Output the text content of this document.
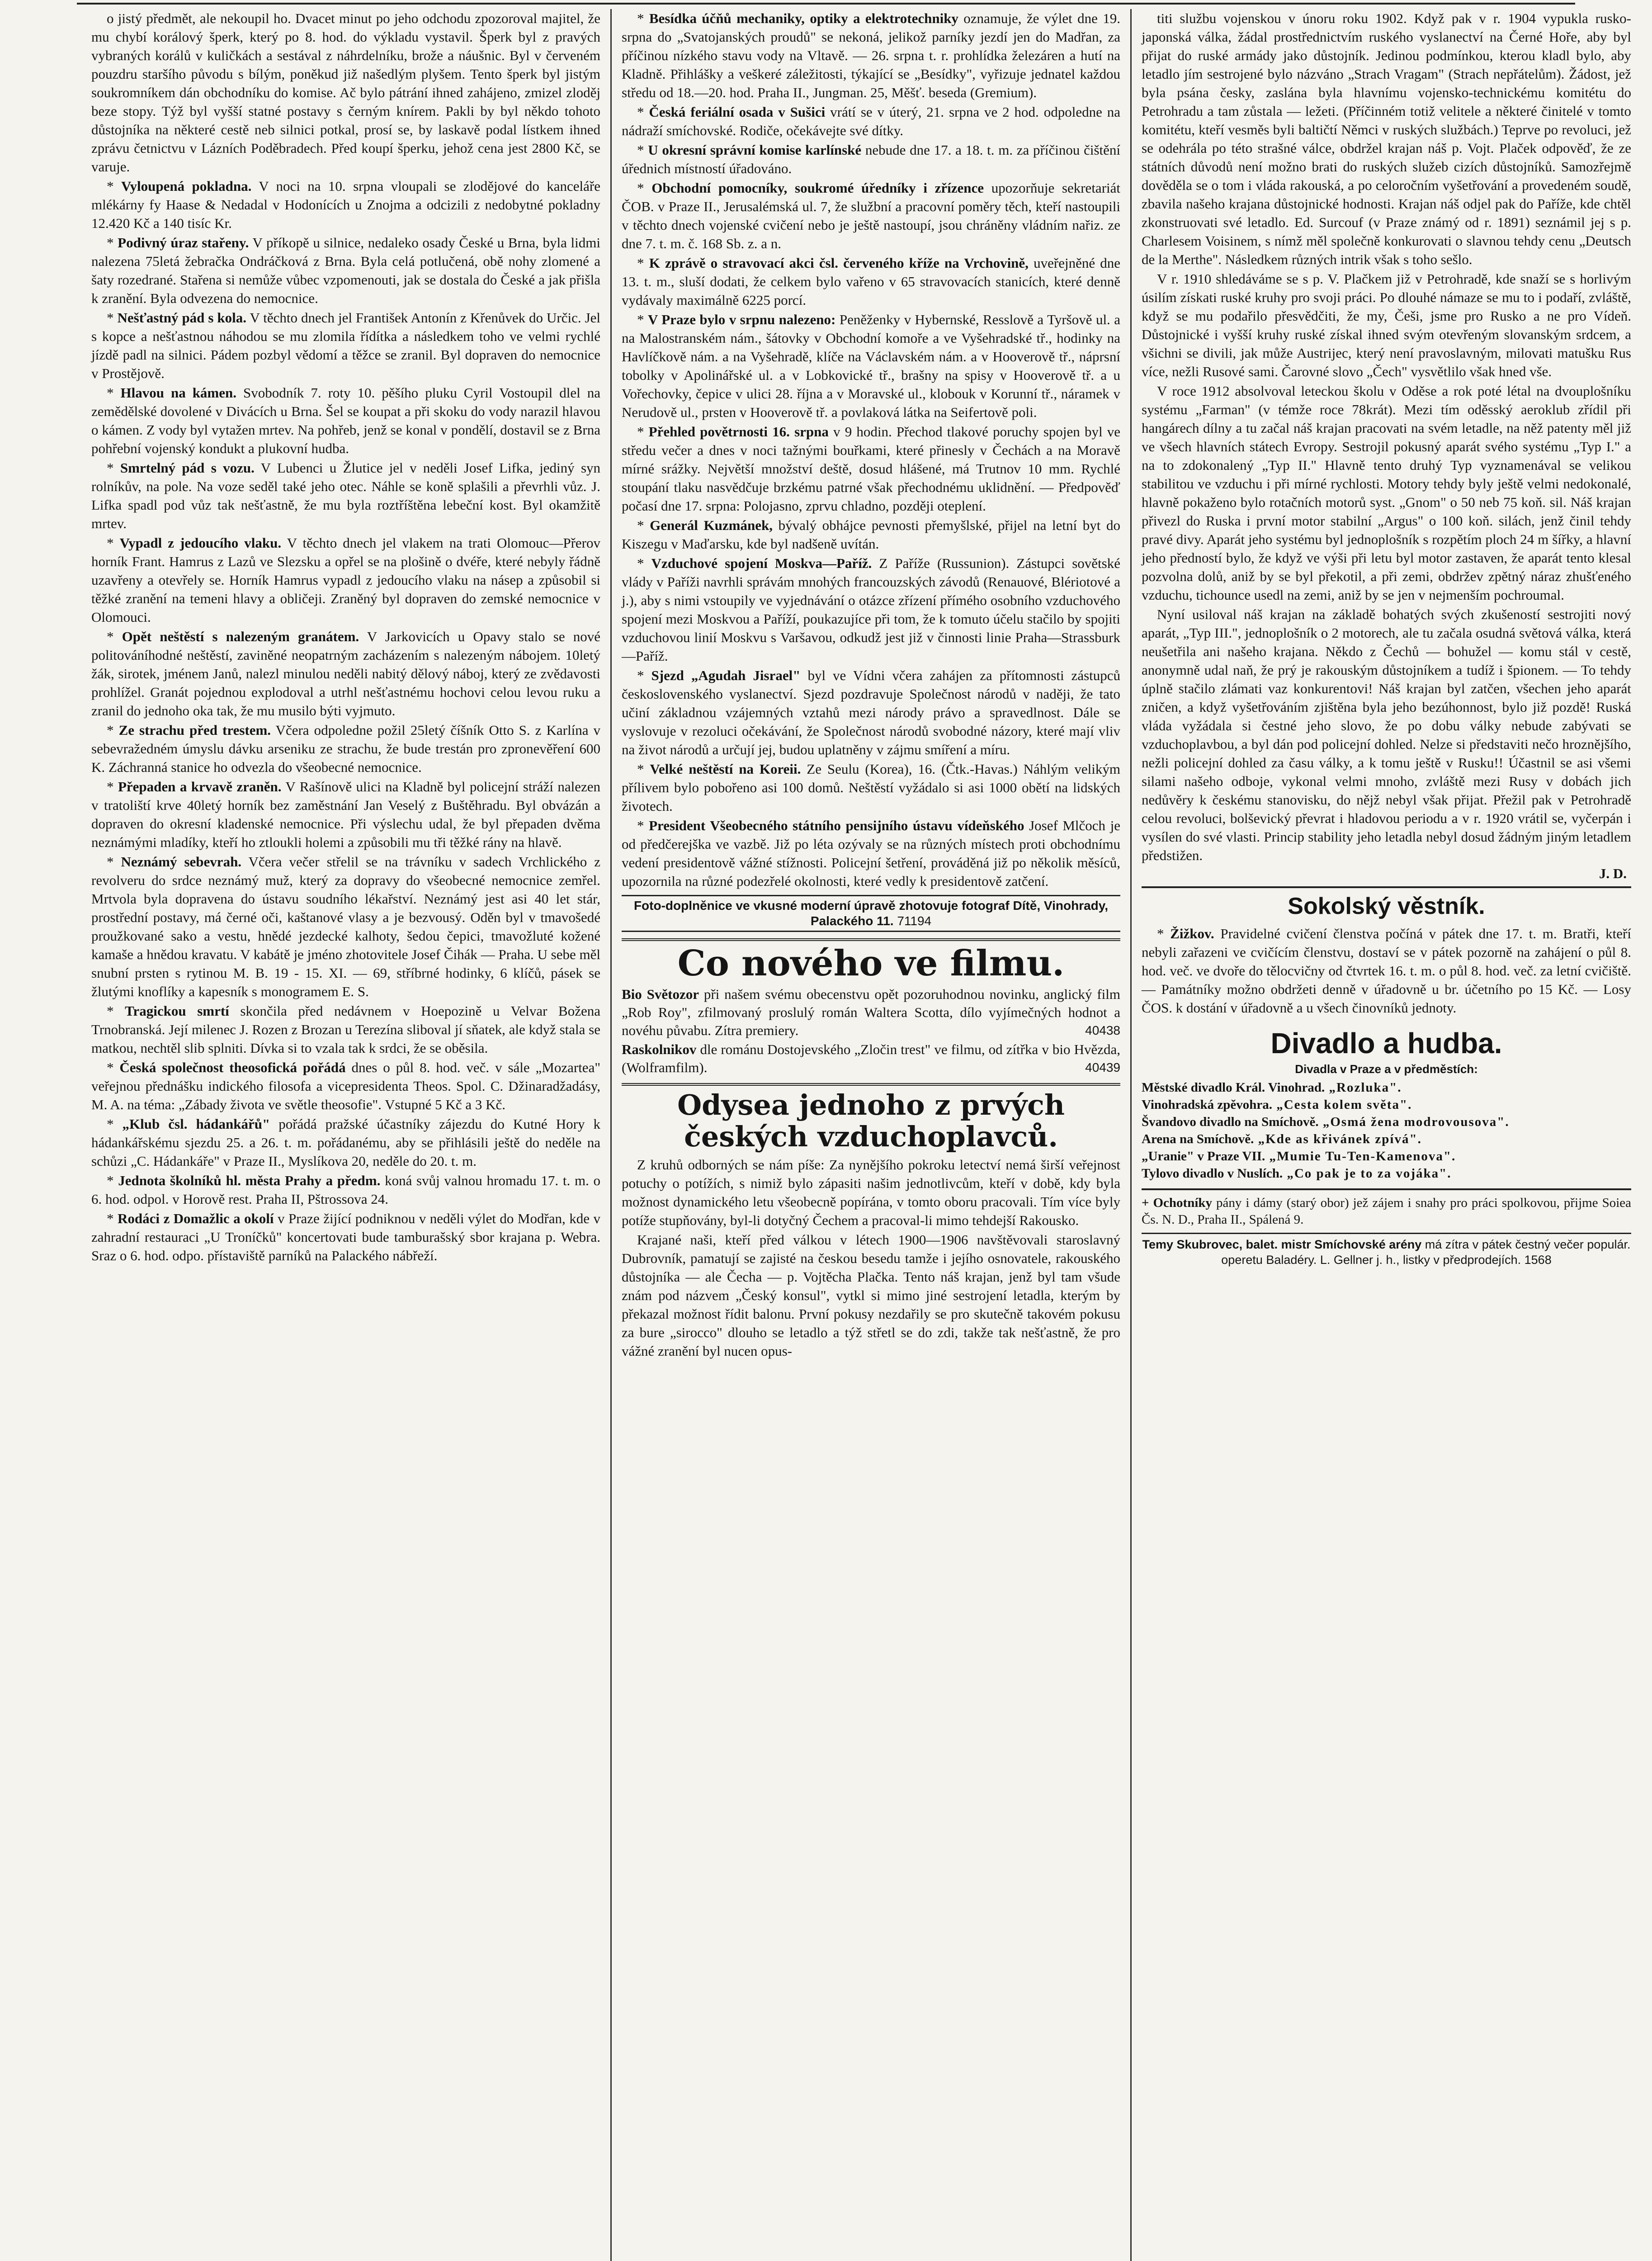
o jistý předmět, ale nekoupil ho. Dvacet minut po jeho odchodu zpozoroval majitel, že mu chybí korálový šperk, který po 8. hod. do výkladu vystavil. Šperk byl z pravých vybraných korálů v kuličkách a sestával z náhrdelníku, brože a náušnic. Byl v červeném pouzdru staršího původu s bílým, poněkud již našedlým plyšem. Tento šperk byl jistým soukromníkem dán obchodníku do komise. Ač bylo pátrání ihned zahájeno, zmizel zloděj beze stopy. Týž byl vyšší statné postavy s černým knírem. Pakli by byl někdo tohoto důstojníka na některé cestě neb silnici potkal, prosí se, by laskavě podal lístkem ihned zprávu četnictvu v Lázních Poděbradech. Před koupí šperku, jehož cena jest 2800 Kč, se varuje.

* Vyloupená pokladna. V noci na 10. srpna vloupali se zlodějové do kanceláře mlékárny fy Haase & Nedadal v Hodonících u Znojma a odcizili z nedobytné pokladny 12.420 Kč a 140 tisíc Kr.

* Podivný úraz stařeny. V příkopě u silnice, nedaleko osady České u Brna, byla lidmi nalezena 75letá žebračka Ondráčková z Brna. Byla celá potlučená, obě nohy zlomené a šaty rozedrané. Stařena si nemůže vůbec vzpomenouti, jak se dostala do České a jak přišla k zranění. Byla odvezena do nemocnice.

* Nešťastný pád s kola. V těchto dnech jel František Antonín z Křenůvek do Určic. Jel s kopce a nešťastnou náhodou se mu zlomila řídítka a následkem toho ve velmi rychlé jízdě padl na silnici. Pádem pozbyl vědomí a těžce se zranil. Byl dopraven do nemocnice v Prostějově.

* Hlavou na kámen. Svobodník 7. roty 10. pěšího pluku Cyril Vostoupil dlel na zemědělské dovolené v Divácích u Brna. Šel se koupat a při skoku do vody narazil hlavou o kámen. Z vody byl vytažen mrtev. Na pohřeb, jenž se konal v pondělí, dostavil se z Brna pohřební vojenský kondukt a plukovní hudba.

* Smrtelný pád s vozu. V Lubenci u Žlutice jel v neděli Josef Lifka, jediný syn rolníkův, na pole. Na voze seděl také jeho otec. Náhle se koně splašili a převrhli vůz. J. Lifka spadl pod vůz tak nešťastně, že mu byla roztříštěna lebeční kost. Byl okamžitě mrtev.

* Vypadl z jedoucího vlaku. V těchto dnech jel vlakem na trati Olomouc—Přerov horník Frant. Hamrus z Lazů ve Slezsku a opřel se na plošině o dvéře, které nebyly řádně uzavřeny a otevřely se. Horník Hamrus vypadl z jedoucího vlaku na násep a způsobil si těžké zranění na temeni hlavy a obličeji. Zraněný byl dopraven do zemské nemocnice v Olomouci.

* Opět neštěstí s nalezeným granátem. V Jarkovicích u Opavy stalo se nové politováníhodné neštěstí, zaviněné neopatrným zacházením s nalezeným nábojem. 10letý žák, sirotek, jménem Janů, nalezl minulou neděli nabitý dělový náboj, který ze zvědavosti prohlížel. Granát pojednou explodoval a utrhl nešťastnému hochovi celou levou ruku a zranil do jednoho oka tak, že mu musilo býti vyjmuto.

* Ze strachu před trestem. Včera odpoledne požil 25letý číšník Otto S. z Karlína v sebevražedném úmyslu dávku arseniku ze strachu, že bude trestán pro zpronevěření 600 K. Záchranná stanice ho odvezla do všeobecné nemocnice.

* Přepaden a krvavě zraněn. V Rašínově ulici na Kladně byl policejní stráží nalezen v tratoliští krve 40letý horník bez zaměstnání Jan Veselý z Buštěhradu. Byl obvázán a dopraven do okresní kladenské nemocnice. Při výslechu udal, že byl přepaden dvěma neznámými mladíky, kteří ho ztloukli holemi a způsobili mu tři těžké rány na hlavě.

* Neznámý sebevrah. Včera večer střelil se na trávníku v sadech Vrchlického z revolveru do srdce neznámý muž, který za dopravy do všeobecné nemocnice zemřel. Mrtvola byla dopravena do ústavu soudního lékařství. Neznámý jest asi 40 let stár, prostřední postavy, má černé oči, kaštanové vlasy a je bezvousý. Oděn byl v tmavošedé proužkované sako a vestu, hnědé jezdecké kalhoty, šedou čepici, tmavožluté kožené kamaše a hnědou kravatu. V kabátě je jméno zhotovitele Josef Čihák — Praha. U sebe měl snubní prsten s rytinou M. B. 19 - 15. XI. — 69, stříbrné hodinky, 6 klíčů, pásek se žlutými knoflíky a kapesník s monogramem E. S.

* Tragickou smrtí skončila před nedávnem v Hoepozině u Velvar Božena Trnobranská. Její milenec J. Rozen z Brozan u Terezína sliboval jí sňatek, ale když stala se matkou, nechtěl slib splniti. Dívka si to vzala tak k srdci, že se oběsila.

* Česká společnost theosofická pořádá dnes o půl 8. hod. več. v sále „Mozartea" veřejnou přednášku indického filosofa a vicepresidenta Theos. Spol. C. Džinaradžadásy, M. A. na téma: „Zábady života ve světle theosofie". Vstupné 5 Kč a 3 Kč.

* „Klub čsl. hádankářů" pořádá pražské účastníky zájezdu do Kutné Hory k hádankářskému sjezdu 25. a 26. t. m. pořádanému, aby se přihlásili ještě do neděle na schůzi „C. Hádankáře" v Praze II., Myslíkova 20, neděle do 20. t. m.

* Jednota školníků hl. města Prahy a předm. koná svůj valnou hromadu 17. t. m. o 6. hod. odpol. v Horově rest. Praha II, Pštrossova 24.

* Rodáci z Domažlic a okolí v Praze žijící podniknou v neděli výlet do Modřan, kde v zahradní restauraci „U Troníčků" koncertovati bude tamburašský sbor krajana p. Webra. Sraz o 6. hod. odpo. přístaviště parníků na Palackého nábřeží.

* Besídka účňů mechaniky, optiky a elektrotechniky oznamuje, že výlet dne 19. srpna do „Svatojanských proudů" se nekoná, jelikož parníky jezdí jen do Madřan, za příčinou nízkého stavu vody na Vltavě. — 26. srpna t. r. prohlídka železáren a hutí na Kladně. Přihlášky a veškeré záležitosti, týkající se „Besídky", vyřizuje jednatel každou středu od 18.—20. hod. Praha II., Jungman. 25, Měšť. beseda (Gremium).

* Česká feriální osada v Sušici vrátí se v úterý, 21. srpna ve 2 hod. odpoledne na nádraží smíchovské. Rodiče, očekávejte své dítky.

* U okresní správní komise karlínské nebude dne 17. a 18. t. m. za příčinou čištění úřednich místností úřadováno.

* Obchodní pomocníky, soukromé úředníky i zřízence upozorňuje sekretariát ČOB. v Praze II., Jerusalémská ul. 7, že službní a pracovní poměry těch, kteří nastoupili v těchto dnech vojenské cvičení nebo je ještě nastoupí, jsou chráněny vládním nařiz. ze dne 7. t. m. č. 168 Sb. z. a n.

* K zprávě o stravovací akci čsl. červeného kříže na Vrchovině, uveřejněné dne 13. t. m., sluší dodati, že celkem bylo vařeno v 65 stravovacích stanicích, které denně vydávaly maximálně 6225 porcí.

* V Praze bylo v srpnu nalezeno: Peněženky v Hybernské, Resslově a Tyršově ul. a na Malostranském nám., šátovky v Obchodní komoře a ve Vyšehradské tř., hodinky na Havlíčkově nám. a na Vyšehradě, klíče na Václavském nám. a v Hooverově tř., náprsní tobolky v Apolinářské ul. a v Lobkovické tř., brašny na spisy v Hooverově tř. a u Vořechovky, čepice v ulici 28. října a v Moravské ul., klobouk v Korunní tř., náramek v Nerudově ul., prsten v Hooverově tř. a povlaková látka na Seifertově poli.

* Přehled povětrnosti 16. srpna v 9 hodin. Přechod tlakové poruchy spojen byl ve středu večer a dnes v noci tažnými bouřkami, které přinesly v Čechách a na Moravě mírné srážky. Největší množství deště, dosud hlášené, má Trutnov 10 mm. Rychlé stoupání tlaku nasvědčuje brzkému patrné však přechodnému uklidnění. — Předpověď počasí dne 17. srpna: Polojasno, zprvu chladno, později oteplení.

* Generál Kuzmánek, bývalý obhájce pevnosti přemyšlské, přijel na letní byt do Kiszegu v Maďarsku, kde byl nadšeně uvítán.

* Vzduchové spojení Moskva—Paříž. Z Paříže (Russunion). Zástupci sovětské vlády v Paříži navrhli správám mnohých francouzských závodů (Renauové, Blériotové a j.), aby s nimi vstoupily ve vyjednávání o otázce zřízení přímého osobního vzduchového spojení mezi Moskvou a Paříží, poukazujíce při tom, že k tomuto účelu stačilo by spojiti vzduchovou linií Moskvu s Varšavou, odkudž jest již v činnosti linie Praha—Strassburk—Paříž.

* Sjezd „Agudah Jisrael" byl ve Vídni včera zahájen za přítomnosti zástupců československého vyslanectví. Sjezd pozdravuje Společnost národů v naději, že tato učiní základnou vzájemných vztahů mezi národy právo a spravedlnost. Dále se vyslovuje v rezoluci očekávání, že Společnost národů svobodné názory, které mají vliv na život národů a určují jej, budou uplatněny v zájmu smíření a míru.

* Velké neštěstí na Koreii. Ze Seulu (Korea), 16. (Čtk.-Havas.) Náhlým velikým přílivem bylo pobořeno asi 100 domů. Neštěstí vyžádalo si asi 1000 obětí na lidských životech.

* President Všeobecného státního pensijního ústavu vídeňského Josef Mlčoch je od předčerejška ve vazbě. Již po léta ozývaly se na různých místech proti obchodnímu vedení presidentově vážné stížnosti. Policejní šetření, prováděná již po několik měsíců, upozornila na různé podezřelé okolnosti, které vedly k presidentově zatčení.

Foto-doplněnice ve vkusné moderní úpravě zhotovuje fotograf Dítě, Vinohrady, Palackého 11. 71194
Co nového ve filmu.

Bio Světozor při našem svému obecenstvu opět pozoruhodnou novinku, anglický film „Rob Roy", zfilmovaný proslulý román Waltera Scotta, dílo vyjímečných hodnot a novéhu půvabu. Zítra premiery.	40438

Raskolnikov dle románu Dostojevského „Zločin trest" ve filmu, od zítřka v bio Hvězda, (Wolframfilm).	40439

Odysea jednoho z prvých českých vzduchoplavců.

Z kruhů odborných se nám píše: Za nynějšího pokroku letectví nemá širší veřejnost potuchy o potížích, s nimiž bylo zápasiti našim jednotlivcům, kteří v době, kdy byla možnost dynamického letu všeobecně popírána, v tomto oboru pracovali. Tím více byly potíže stupňovány, byl-li dotyčný Čechem a pracoval-li mimo tehdejší Rakousko.

Krajané naši, kteří před válkou v létech 1900—1906 navštěvovali staroslavný Dubrovník, pamatují se zajisté na českou besedu tamže i jejího osnovatele, rakouského důstojníka — ale Čecha — p. Vojtěcha Plačka. Tento náš krajan, jenž byl tam všude znám pod názvem „Český konsul", vytkl si mimo jiné sestrojení letadla, kterým by překazal možnost řídit balonu. První pokusy nezdařily se pro skutečně takovém pokusu za bure „sirocco" dlouho se letadlo a týž střetl se do zdi, takže tak nešťastně, že pro vážné zranění byl nucen opus-

titi službu vojenskou v únoru roku 1902. Když pak v r. 1904 vypukla rusko-japonská válka, žádal prostřednictvím ruského vyslanectví na Černé Hoře, aby byl přijat do ruské armády jako důstojník. Jedinou podmínkou, kterou kladl bylo, aby letadlo jím sestrojené bylo názváno „Strach Vragam" (Strach nepřátelům). Žádost, jež byla psána česky, zaslána byla hlavnímu vojensko-technickému komitétu do Petrohradu a tam zůstala — ležeti. (Příčinném totiž velitele a některé činitelé v tomto komitétu, kteří vesměs byli baltičtí Němci v ruských službách.) Teprve po revoluci, jež se odehrála po této strašné válce, obdržel krajan náš p. Vojt. Plaček odpověď, že ze státních důvodů není možno brati do ruských služeb cizích důstojníků. Samozřejmě dověděla se o tom i vláda rakouská, a po celoročním vyšetřování a provedeném soudě, zbavila našeho krajana důstojnické hodnosti. Krajan náš odjel pak do Paříže, kde chtěl zkonstruovati své letadlo. Ed. Surcouf (v Praze známý od r. 1891) seznámil jej s p. Charlesem Voisinem, s nímž měl společně konkurovati o slavnou tehdy cenu „Deutsch de la Merthe". Následkem různých intrik však s toho sešlo.

V r. 1910 shledáváme se s p. V. Plačkem již v Petrohradě, kde snaží se s horlivým úsilím získati ruské kruhy pro svoji práci. Po dlouhé námaze se mu to i podaří, zvláště, když se mu podařilo přesvědčiti, že my, Češi, jsme pro Rusko a ne pro Vídeň. Důstojnické i vyšší kruhy ruské získal ihned svým otevřeným slovanským srdcem, a všichni se divili, jak může Austrijec, který není pravoslavným, milovati matušku Rus více, nežli Rusové sami. Čarovné slovo „Čech" vysvětlilo však hned vše.

V roce 1912 absolvoval leteckou školu v Oděse a rok poté létal na dvouplošníku systému „Farman" (v témže roce 78krát). Mezi tím oděsský aeroklub zřídil při hangárech dílny a tu začal náš krajan pracovati na svém letadle, na něž patenty měl již ve všech hlavních státech Evropy. Sestrojil pokusný aparát svého systému „Typ I." a na to zdokonalený „Typ II." Hlavně tento druhý Typ vyznamenával se velikou stabilitou ve vzduchu i při mírné rychlosti. Motory tehdy byly ještě velmi nedokonalé, hlavně pokaženo bylo rotačních motorů syst. „Gnom" o 50 neb 75 koň. sil. Náš krajan přivezl do Ruska i první motor stabilní „Argus" o 100 koň. silách, jenž činil tehdy pravé divy. Aparát jeho systému byl jednoplošník s rozpětím ploch 24 m šířky, a hlavní jeho předností bylo, že když ve výši při letu byl motor zastaven, že aparát tento klesal pozvolna dolů, aniž by se byl překotil, a při zemi, obdržev zpětný náraz zhušťeného vzduchu, tichounce usedl na zemi, aniž by se jen v nejmenším pochroumal.

Nyní usiloval náš krajan na základě bohatých svých zkušeností sestrojiti nový aparát, „Typ III.", jednoplošník o 2 motorech, ale tu začala osudná světová válka, která neušetřila ani našeho krajana. Někdo z Čechů — bohužel — komu stál v cestě, anonymně udal naň, že prý je rakouským důstojníkem a tudíž i špionem. — To tehdy úplně stačilo zlámati vaz konkurentovi! Náš krajan byl zatčen, všechen jeho aparát zničen, a když vyšetřováním zjištěna byla jeho bezúhonnost, bylo již pozdě! Ruská vláda vyžádala si čestné jeho slovo, že po dobu války nebude zabývati se vzduchoplavbou, a byl dán pod policejní dohled. Nelze si představiti nečo hroznějšího, nežli policejní dohled za času války, a k tomu ještě v Rusku!! Účastnil se asi všemi silami našeho odboje, vykonal velmi mnoho, zvláště mezi Rusy v dobách jich nedůvěry k českému stanovisku, do nějž nebyl však přijat. Přežil pak v Petrohradě celou revoluci, bolševický převrat i hladovou periodu a v r. 1920 vrátil se, vyčerpán i vysílen do své vlasti. Princip stability jeho letadla nebyl dosud žádným jiným letadlem předstižen.

J. D.
Sokolský věstník.

* Žižkov. Pravidelné cvičení členstva počíná v pátek dne 17. t. m. Bratři, kteří nebyli zařazeni ve cvičícím členstvu, dostaví se v pátek pozorně na zahájení o půl 8. hod. več. ve dvoře do tělocvičny od čtvrtek 16. t. m. o půl 8. hod. več. za letní cvičiště. — Památníky možno obdržeti denně v úřadovně u br. účetního po 15 Kč. — Losy ČOS. k dostání v úřadovně a u všech činovníků jednoty.

Divadlo a hudba.
Divadla v Praze a v předměstích:

Městské divadlo Král. Vinohrad. „Rozluka".

Vinohradská zpěvohra. „Cesta kolem světa".

Švandovo divadlo na Smíchově. „Osmá žena modrovousova".

Arena na Smíchově. „Kde as křivánek zpívá".

„Uranie" v Praze VII. „Mumie Tu-Ten-Kamenova".

Tylovo divadlo v Nuslích. „Co pak je to za vojáka".

+ Ochotníky pány i dámy (starý obor) jež zájem i snahy pro práci spolkovou, přijme Soiea Čs. N. D., Praha II., Spálená 9.
Temy Skubrovec, balet. mistr Smíchovské arény má zítra v pátek čestný večer populár. operetu Baladéry. L. Gellner j. h., listky v předprodejích. 1568
